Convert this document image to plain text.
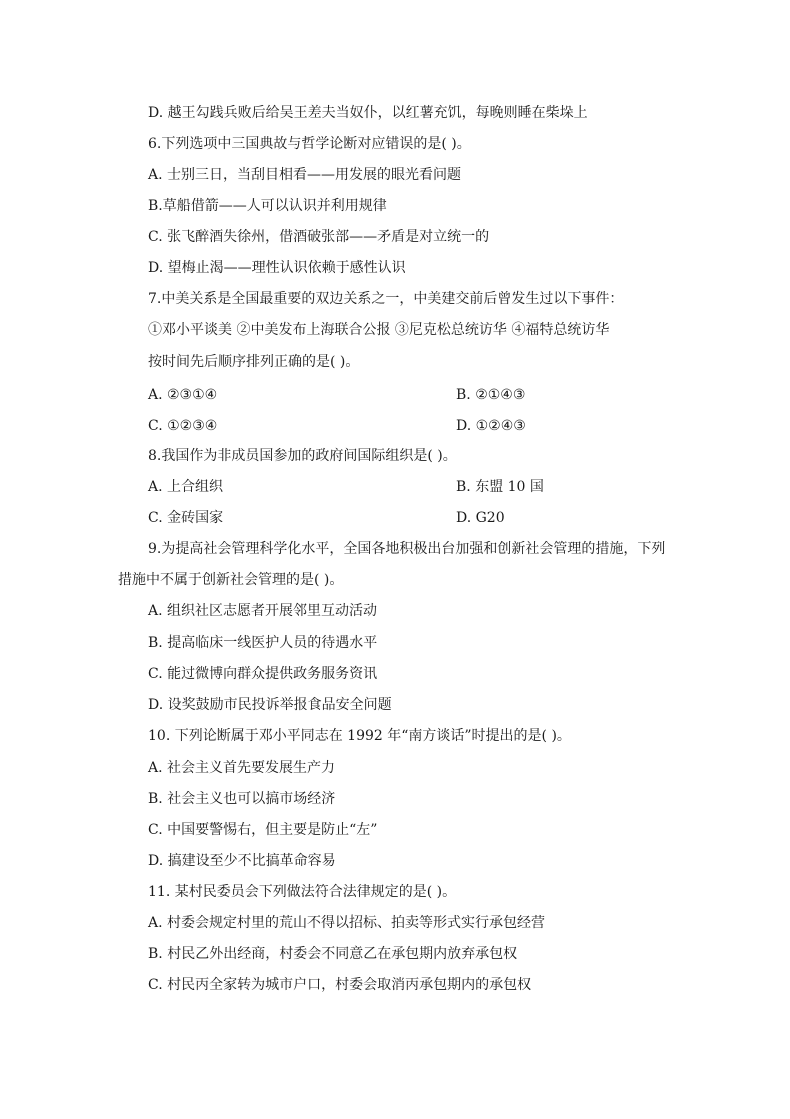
D. 越王勾践兵败后给吴王差夫当奴仆，以红薯充饥，每晚则睡在柴垛上
6.下列选项中三国典故与哲学论断对应错误的是( )。
A. 士别三日，当刮目相看——用发展的眼光看问题
B.草船借箭——人可以认识并利用规律
C. 张飞醉酒失徐州，借酒破张部——矛盾是对立统一的
D. 望梅止渴——理性认识依赖于感性认识
7.中美关系是全国最重要的双边关系之一，中美建交前后曾发生过以下事件：
①邓小平谈美 ②中美发布上海联合公报 ③尼克松总统访华 ④福特总统访华
按时间先后顺序排列正确的是( )。
A. ②③①④	B. ②①④③
C. ①②③④	D. ①②④③
8.我国作为非成员国参加的政府间国际组织是( )。
A. 上合组织	B. 东盟 10 国
C. 金砖国家	D. G20
9.为提高社会管理科学化水平，全国各地积极出台加强和创新社会管理的措施，下列
措施中不属于创新社会管理的是( )。
A. 组织社区志愿者开展邻里互动活动
B. 提高临床一线医护人员的待遇水平
C. 能过微博向群众提供政务服务资讯
D. 设奖鼓励市民投诉举报食品安全问题
10. 下列论断属于邓小平同志在 1992 年“南方谈话”时提出的是( )。
A. 社会主义首先要发展生产力
B. 社会主义也可以搞市场经济
C. 中国要警惕右，但主要是防止“左”
D. 搞建设至少不比搞革命容易
11. 某村民委员会下列做法符合法律规定的是( )。
A. 村委会规定村里的荒山不得以招标、拍卖等形式实行承包经营
B. 村民乙外出经商，村委会不同意乙在承包期内放弃承包权
C. 村民丙全家转为城市户口，村委会取消丙承包期内的承包权
